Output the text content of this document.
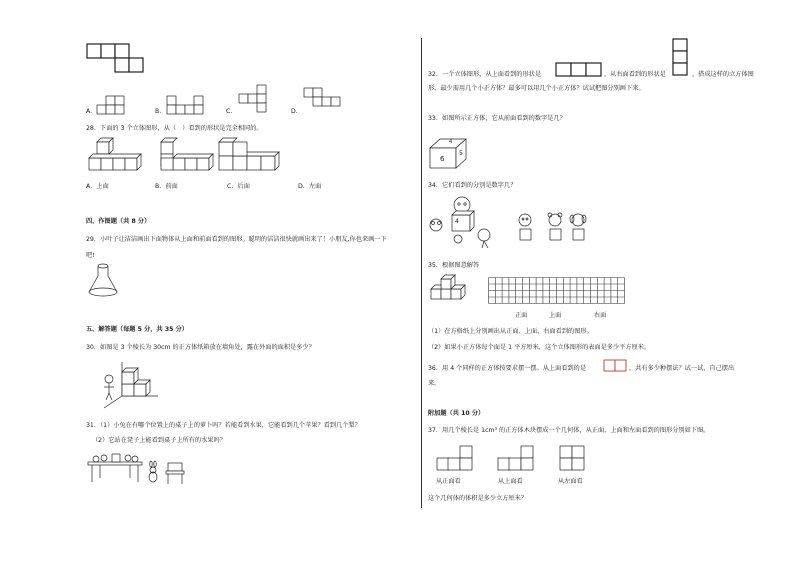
A.	B.	C.	D.
28．下面的 3 个立体图形，从（　）看到的形状是完全相同的。
A．上面	B．前面	C．后面	D．左面
四、作图题（共 8 分）
29．小叶子让洁洁画出下面物体从上面和前面看到的图形。聪明的洁洁很快就画出来了！小朋友,你也来画一下
吧!
五、解答题（每题 5 分，共 35 分）
30．如图是 3 个棱长为 30cm 的正方体纸箱放在墙角处，露在外面的面积是多少？
31．（1）小兔在有哪个位置上的桌子上的萝卜吗？若能看到水果，它能看到几个苹果？看到几个梨？
（2）它站在凳子上能看到桌子上所有的水果吗？
32．一个立体图形，从上面看到的形状是	，从右面看到的形状是	，搭成这样的立方体图
形，最少需用几个小正方体？最多可以用几个小正方体？试试把图分别画下来。
33．如图所示正方体，它从前面看到的数字是几？
6
5
4
34．它们看到的分别是数字几？
4
35．根据图意解答
正面	上面	右面
（1）在方格纸上分别画出从正面、上面、右面看到的图形。
（2）如果小正方体每个面是 1 平方厘米，这个立体图形的表面是多少平方厘米。
36．用 4 个同样的正方体按要求摆一摆。从上面看到的是	，共有多少种摆法？试一试，自己摆出
来。
附加题（共 10 分）
37．用几个棱长是 1cm³ 的正方体木块摆成一个几何体，从正面、上面和左面看到的图形分别如下图。
从正面看	从上面看	从左面看
这个几何体的体积是多少立方厘米？
